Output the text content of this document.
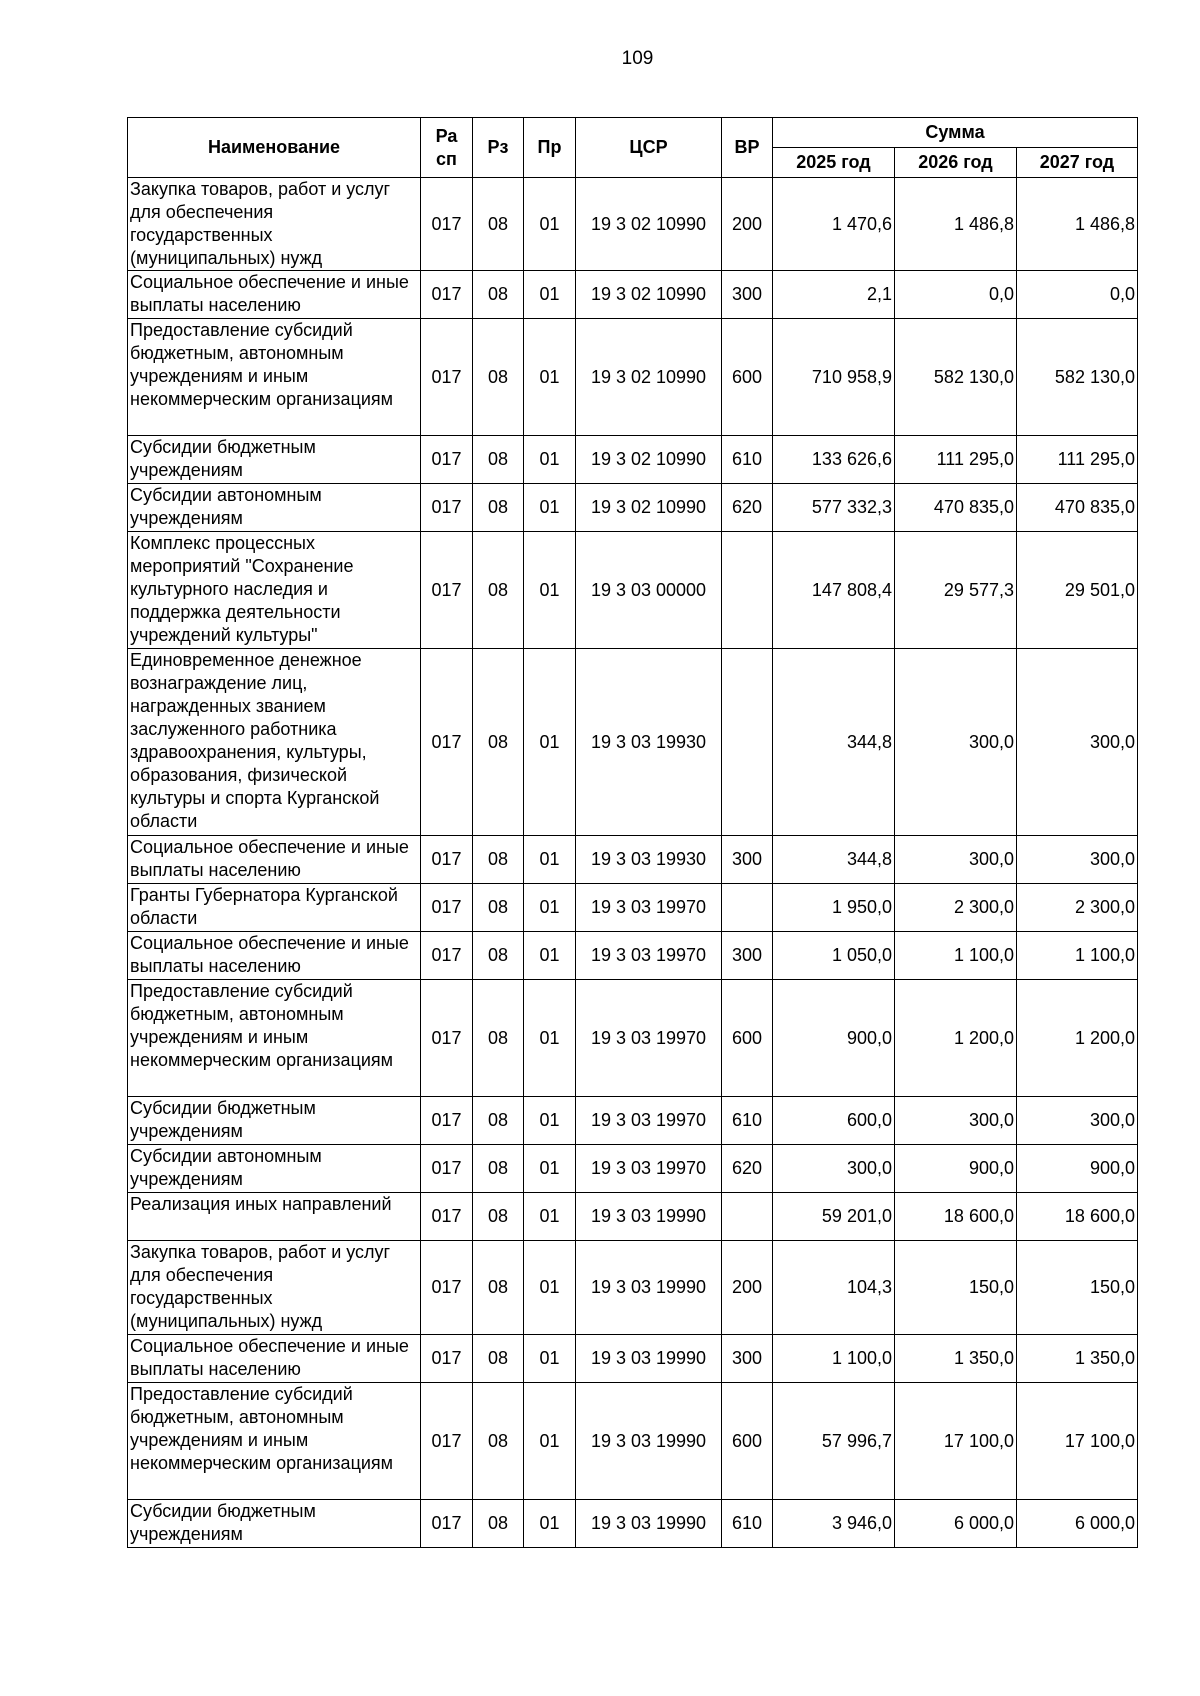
109
Наименование	Ра сп	Рз	Пр	ЦСР	ВР	Сумма		
						2025 год	2026 год	2027 год
Закупка товаров, работ и услуг для обеспечения государственных (муниципальных) нужд	017	08	01	19 3 02 10990	200	1 470,6	1 486,8	1 486,8
Социальное обеспечение и иные выплаты населению	017	08	01	19 3 02 10990	300	2,1	0,0	0,0
Предоставление субсидий бюджетным, автономным учреждениям и иным некоммерческим организациям	017	08	01	19 3 02 10990	600	710 958,9	582 130,0	582 130,0
Субсидии бюджетным учреждениям	017	08	01	19 3 02 10990	610	133 626,6	111 295,0	111 295,0
Субсидии автономным учреждениям	017	08	01	19 3 02 10990	620	577 332,3	470 835,0	470 835,0
Комплекс процессных мероприятий "Сохранение культурного наследия и поддержка деятельности учреждений культуры"	017	08	01	19 3 03 00000		147 808,4	29 577,3	29 501,0
Единовременное денежное вознаграждение лиц, награжденных званием заслуженного работника здравоохранения, культуры, образования, физической культуры и спорта Курганской области	017	08	01	19 3 03 19930		344,8	300,0	300,0
Социальное обеспечение и иные выплаты населению	017	08	01	19 3 03 19930	300	344,8	300,0	300,0
Гранты Губернатора Курганской области	017	08	01	19 3 03 19970		1 950,0	2 300,0	2 300,0
Социальное обеспечение и иные выплаты населению	017	08	01	19 3 03 19970	300	1 050,0	1 100,0	1 100,0
Предоставление субсидий бюджетным, автономным учреждениям и иным некоммерческим организациям	017	08	01	19 3 03 19970	600	900,0	1 200,0	1 200,0
Субсидии бюджетным учреждениям	017	08	01	19 3 03 19970	610	600,0	300,0	300,0
Субсидии автономным учреждениям	017	08	01	19 3 03 19970	620	300,0	900,0	900,0
Реализация иных направлений	017	08	01	19 3 03 19990		59 201,0	18 600,0	18 600,0
Закупка товаров, работ и услуг для обеспечения государственных (муниципальных) нужд	017	08	01	19 3 03 19990	200	104,3	150,0	150,0
Социальное обеспечение и иные выплаты населению	017	08	01	19 3 03 19990	300	1 100,0	1 350,0	1 350,0
Предоставление субсидий бюджетным, автономным учреждениям и иным некоммерческим организациям	017	08	01	19 3 03 19990	600	57 996,7	17 100,0	17 100,0
Субсидии бюджетным учреждениям	017	08	01	19 3 03 19990	610	3 946,0	6 000,0	6 000,0
